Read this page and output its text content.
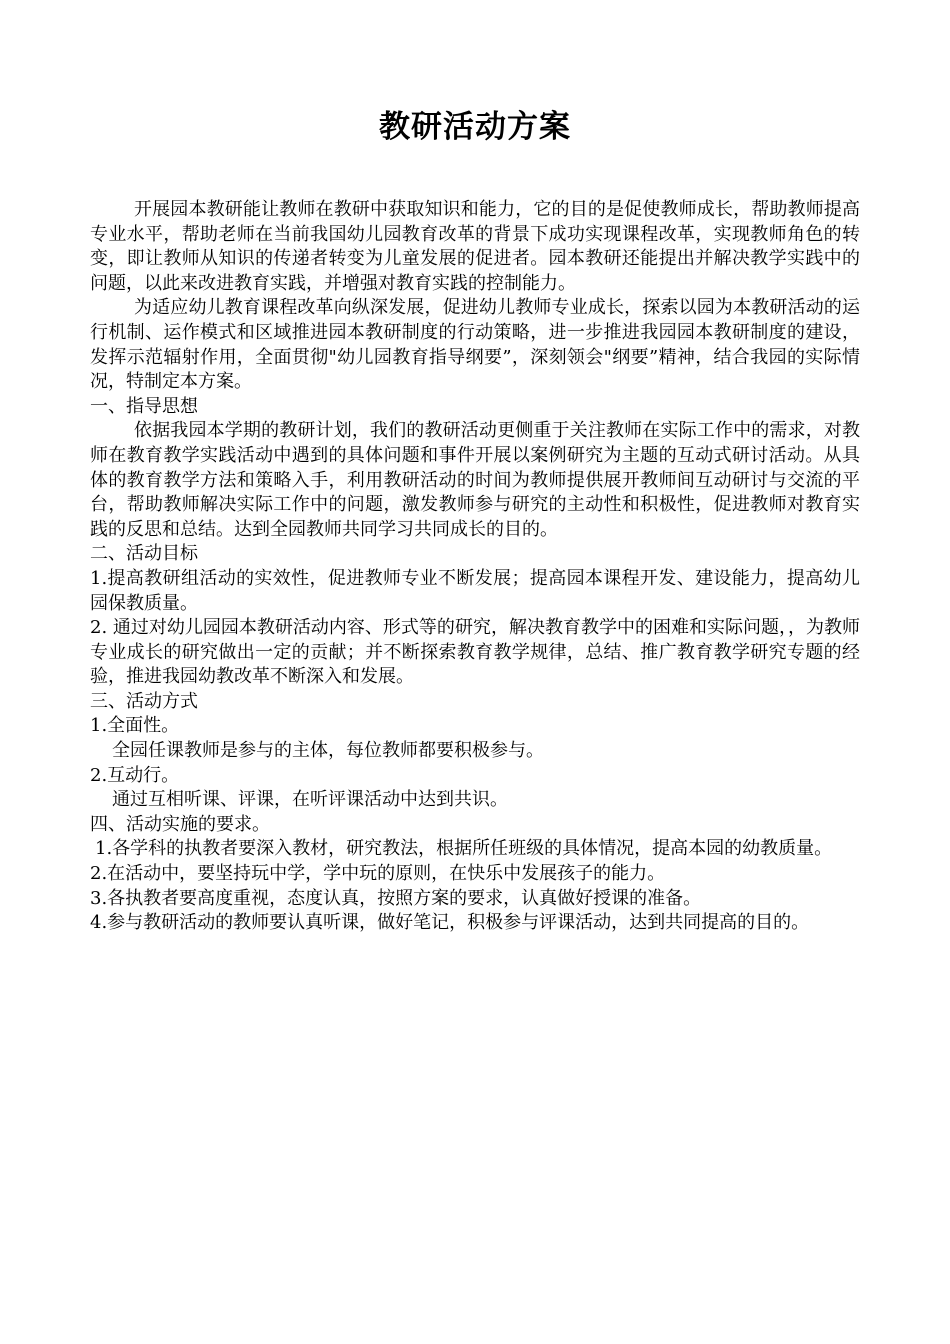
教研活动方案

开展园本教研能让教师在教研中获取知识和能力，它的目的是促使教师成长，帮助教师提高专业水平，帮助老师在当前我国幼儿园教育改革的背景下成功实现课程改革，实现教师角色的转变，即让教师从知识的传递者转变为儿童发展的促进者。园本教研还能提出并解决教学实践中的问题，以此来改进教育实践，并增强对教育实践的控制能力。

为适应幼儿教育课程改革向纵深发展，促进幼儿教师专业成长，探索以园为本教研活动的运行机制、运作模式和区域推进园本教研制度的行动策略，进一步推进我园园本教研制度的建设，发挥示范辐射作用，全面贯彻"幼儿园教育指导纲要”，深刻领会"纲要”精神，结合我园的实际情况，特制定本方案。

一、指导思想

依据我园本学期的教研计划，我们的教研活动更侧重于关注教师在实际工作中的需求，对教师在教育教学实践活动中遇到的具体问题和事件开展以案例研究为主题的互动式研讨活动。从具体的教育教学方法和策略入手，利用教研活动的时间为教师提供展开教师间互动研讨与交流的平台，帮助教师解决实际工作中的问题，激发教师参与研究的主动性和积极性，促进教师对教育实践的反思和总结。达到全园教师共同学习共同成长的目的。

二、活动目标

1.提高教研组活动的实效性，促进教师专业不断发展；提高园本课程开发、建设能力，提高幼儿园保教质量。

2. 通过对幼儿园园本教研活动内容、形式等的研究，解决教育教学中的困难和实际问题，，为教师专业成长的研究做出一定的贡献；并不断探索教育教学规律，总结、推广教育教学研究专题的经验，推进我园幼教改革不断深入和发展。

三、活动方式

1.全面性。

全园任课教师是参与的主体，每位教师都要积极参与。

2.互动行。

通过互相听课、评课，在听评课活动中达到共识。

四、活动实施的要求。

1.各学科的执教者要深入教材，研究教法，根据所任班级的具体情况，提高本园的幼教质量。

2.在活动中，要坚持玩中学，学中玩的原则，在快乐中发展孩子的能力。

3.各执教者要高度重视，态度认真，按照方案的要求，认真做好授课的准备。

4.参与教研活动的教师要认真听课，做好笔记，积极参与评课活动，达到共同提高的目的。
